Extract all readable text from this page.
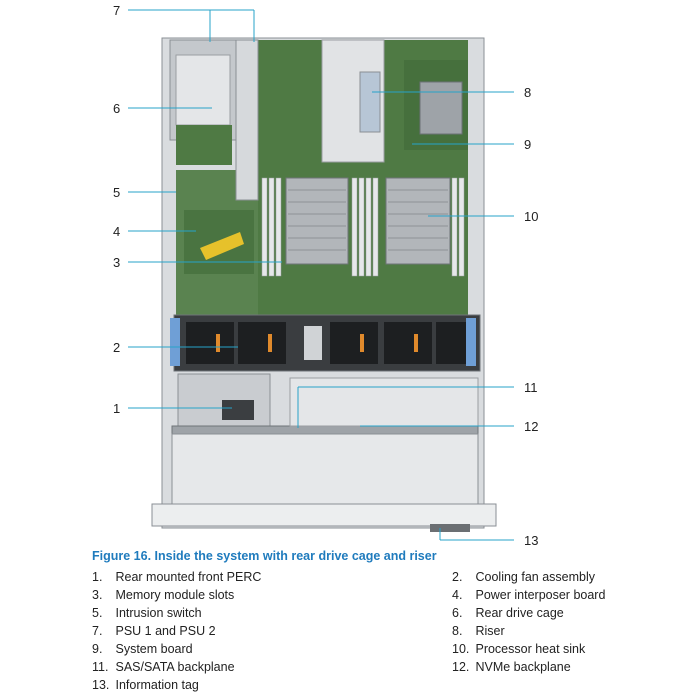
7
6
5
4
3
2
1
8
9
10
11
12
13

Figure 16. Inside the system with rear drive cage and riser

1. Rear mounted front PERC	2. Cooling fan assembly
3. Memory module slots	4. Power interposer board
5. Intrusion switch	6. Rear drive cage
7. PSU 1 and PSU 2	8. Riser
9. System board	10. Processor heat sink
11. SAS/SATA backplane	12. NVMe backplane
13. Information tag
